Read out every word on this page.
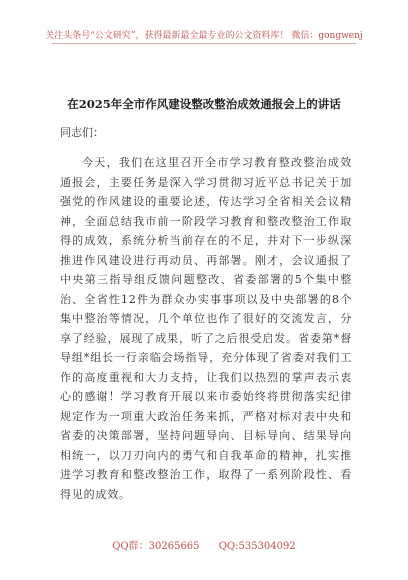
关注头条号“公文研究”，获得最新最全最专业的公文资料库！ 微信：gongwenj
在2025年全市作风建设整改整治成效通报会上的讲话
同志们：

今天，我们在这里召开全市学习教育整改整治成效通报会，主要任务是深入学习贯彻习近平总书记关于加强党的作风建设的重要论述，传达学习全省相关会议精神，全面总结我市前一阶段学习教育和整改整治工作取得的成效，系统分析当前存在的不足，并对下一步纵深推进作风建设进行再动员、再部署。刚才，会议通报了中央第三指导组反馈问题整改、省委部署的5个集中整治、全省性12件为群众办实事事项以及中央部署的8个集中整治等情况，几个单位也作了很好的交流发言，分享了经验，展现了成果，听了之后很受启发。省委第*督导组*组长一行亲临会场指导，充分体现了省委对我们工作的高度重视和大力支持，让我们以热烈的掌声表示衷心的感谢！学习教育开展以来市委始终将贯彻落实纪律规定作为一项重大政治任务来抓，严格对标对表中央和省委的决策部署，坚持问题导向、目标导向、结果导向相统一，以刀刃向内的勇气和自我革命的精神，扎实推进学习教育和整改整治工作，取得了一系列阶段性、看得见的成效。

QQ群：30265665 QQ:535304092
